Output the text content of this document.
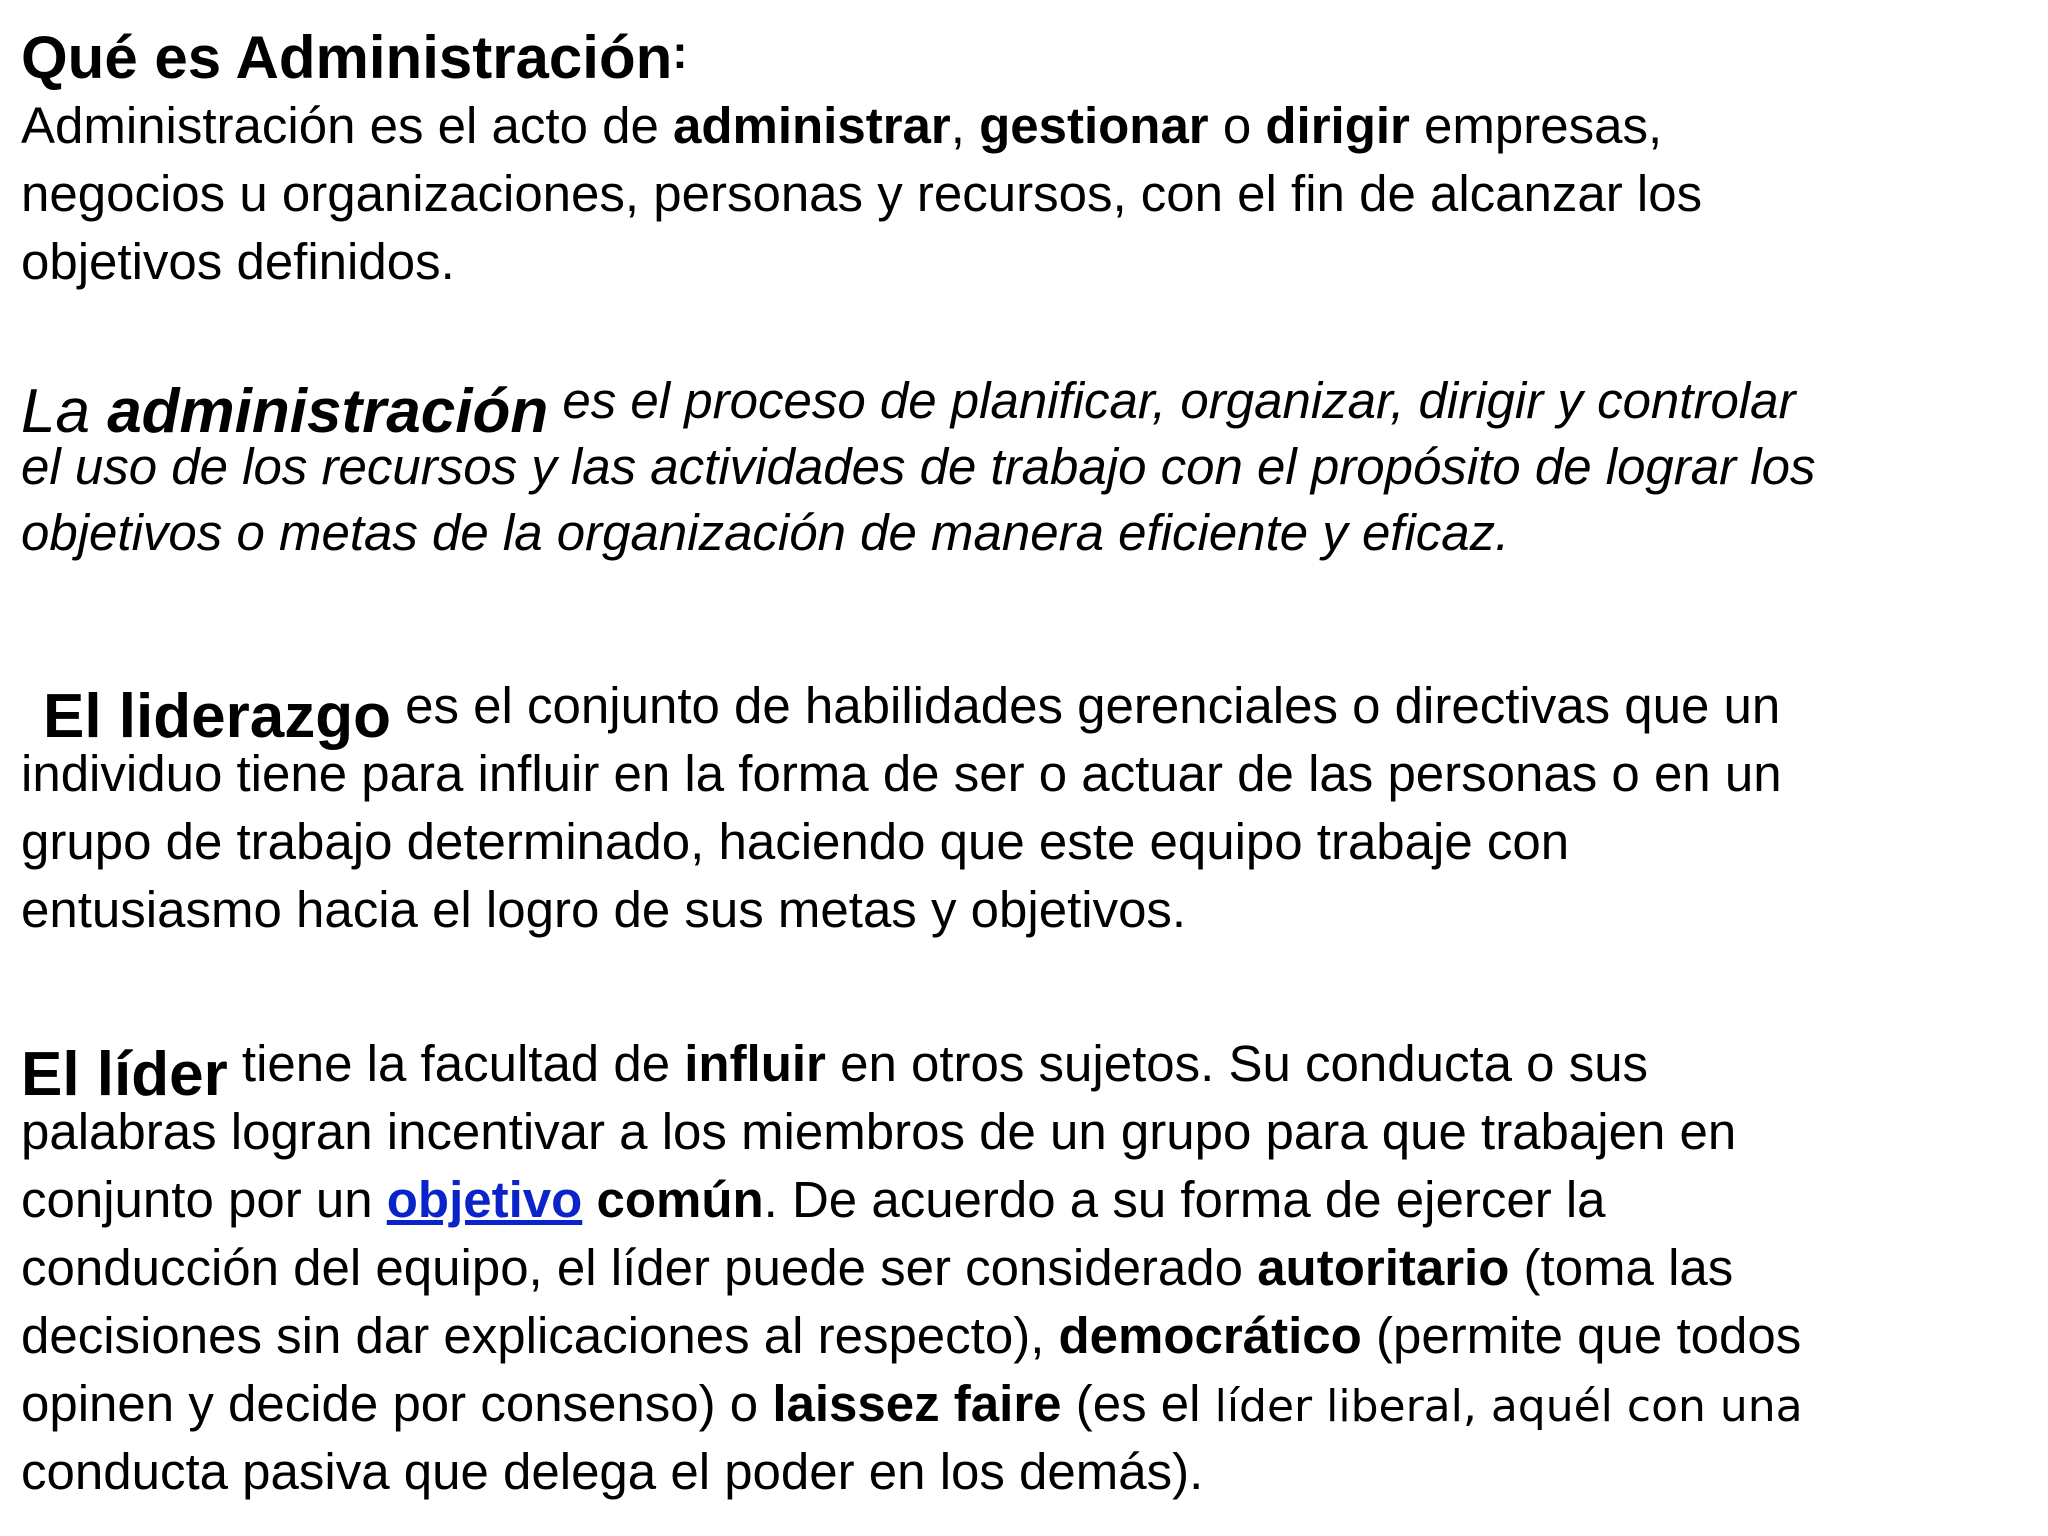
Qué es Administración:
Administración es el acto de administrar, gestionar o dirigir empresas,
negocios u organizaciones, personas y recursos, con el fin de alcanzar los
objetivos definidos.
La administración es el proceso de planificar, organizar, dirigir y controlar
el uso de los recursos y las actividades de trabajo con el propósito de lograr los
objetivos o metas de la organización de manera eficiente y eficaz.
El liderazgo es el conjunto de habilidades gerenciales o directivas que un
individuo tiene para influir en la forma de ser o actuar de las personas o en un
grupo de trabajo determinado, haciendo que este equipo trabaje con
entusiasmo hacia el logro de sus metas y objetivos.
El líder tiene la facultad de influir en otros sujetos. Su conducta o sus
palabras logran incentivar a los miembros de un grupo para que trabajen en
conjunto por un objetivo común. De acuerdo a su forma de ejercer la
conducción del equipo, el líder puede ser considerado autoritario (toma las
decisiones sin dar explicaciones al respecto), democrático (permite que todos
opinen y decide por consenso) o laissez faire (es el líder liberal, aquél con una
conducta pasiva que delega el poder en los demás).
